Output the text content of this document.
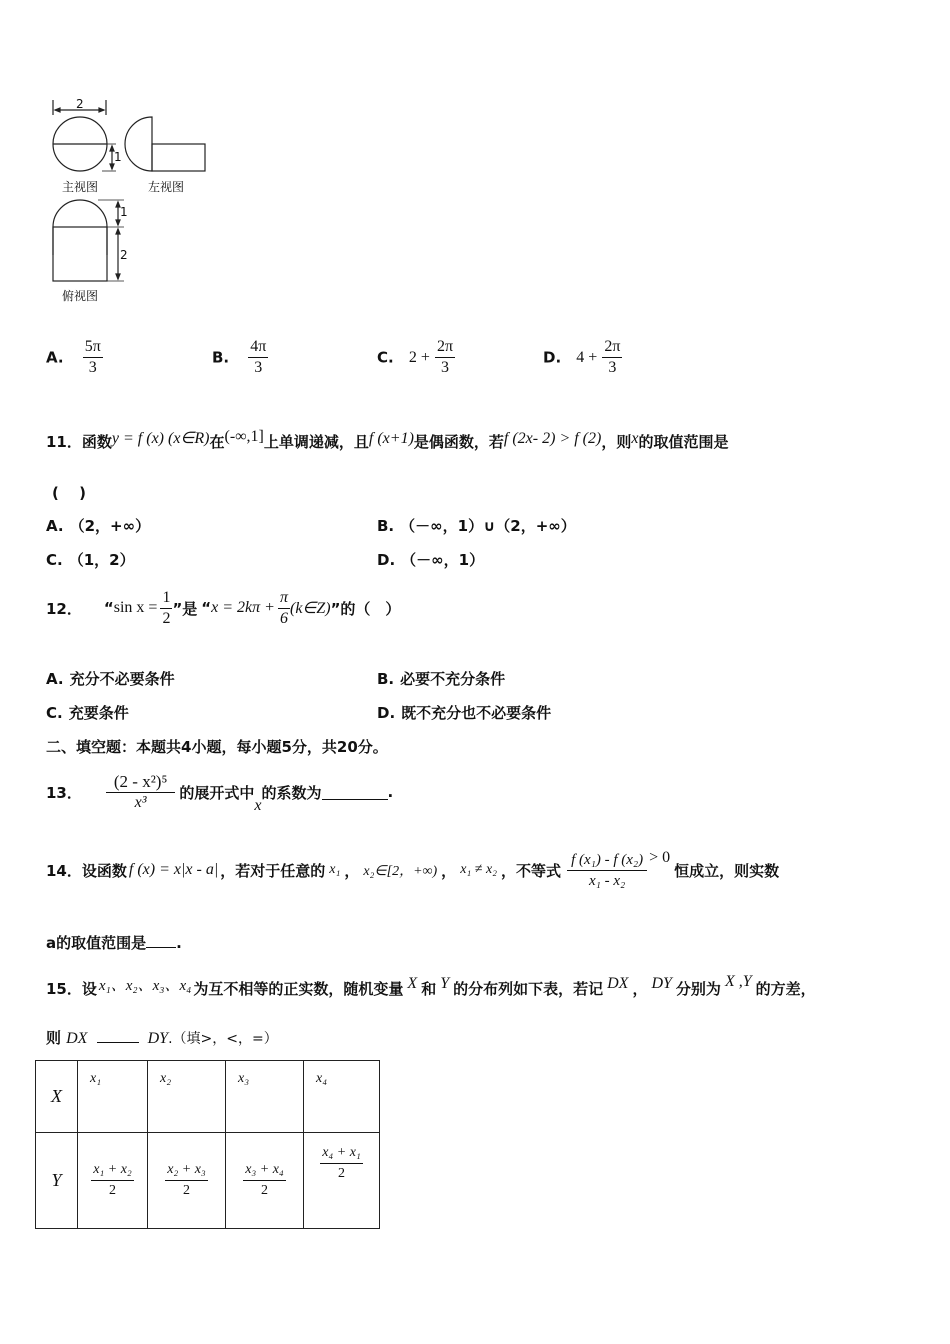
2
1
主视图	左视图
1
2
俯视图
A. $\frac{5\pi}{3}$	B. $\frac{4\pi}{3}$	C. $2 + \frac{2\pi}{3}$	D. $4 + \frac{2\pi}{3}$
11．函数y = f (x) (x∈R)在(-∞,1]上单调递减，且f (x+1)是偶函数，若f (2x- 2) > f (2)，则x的取值范围是
(　 )
A. （2，+∞）	B. （－∞，1）∪（2，+∞）
C. （1，2）	D. （－∞，1）
12． “ $\sin x = \frac{1}{2}$ ”是 “ $x = 2k\pi + \frac{\pi}{6}$ (k∈Z) ”的（　）
A. 充分不必要条件	B. 必要不充分条件
C. 充要条件	D. 既不充分也不必要条件
二、填空题：本题共4小题，每小题5分，共20分。
13． $\frac{\text{(2 - x²)⁵}}{\text{x³}}$ 的展开式中
x
的系数为	.
14． 设函数 f (x) = x|x - a| ，若对于任意的 x₁ ， x₂∈[2，+∞) ， x₁ ≠ x₂ ，不等式 $\frac{\text{f (x₁) - f (x₂)}}{\text{x₁ - x₂}} > 0$
恒成立，则实数
a的取值范围是 .
15． 设 x₁、x₂、x₃、x₄ 为互不相等的正实数，随机变量 X 和 Y 的分布列如下表，若记 DX ， DY 分别为 X ,Y 的方差，
则 DX	DY.（填>，<，=）
X	x₁	x₂	x₃	x₄
Y	$\frac{\text{x₁ + x₂}}{2}$	$\frac{\text{x₂ + x₃}}{2}$	$\frac{\text{x₃ + x₄}}{2}$	$\frac{\text{x₄ + x₁}}{2}$
